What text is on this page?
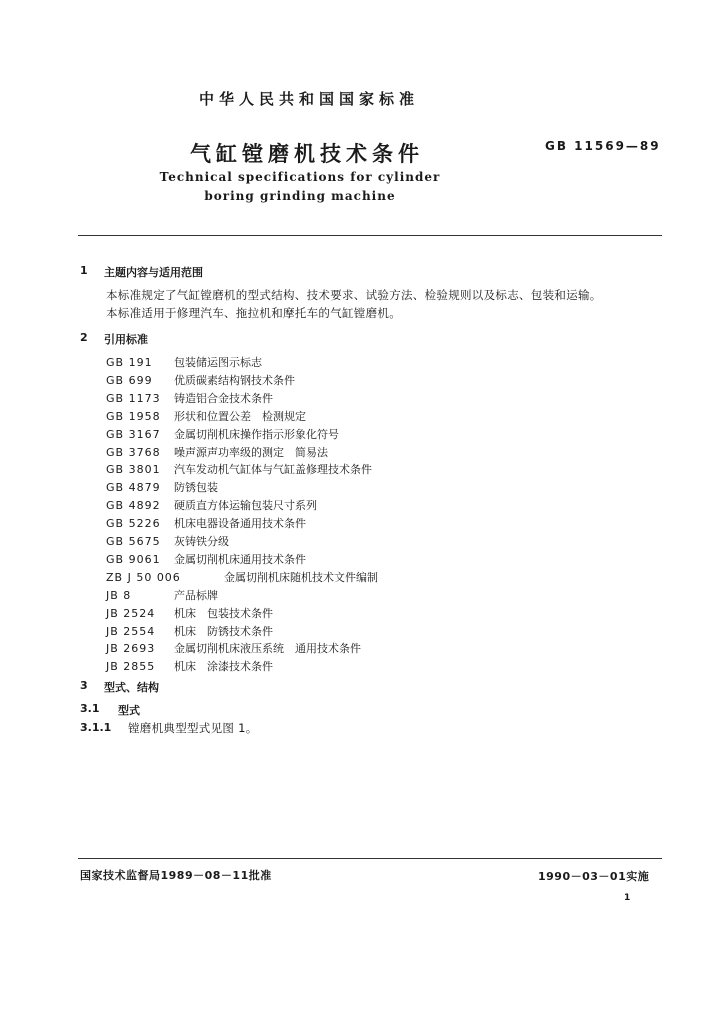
中华人民共和国国家标准
气缸镗磨机技术条件	GB 11569—89
Technical specifications for cylinder
boring grinding machine
1 主题内容与适用范围
本标准规定了气缸镗磨机的型式结构、技术要求、试验方法、检验规则以及标志、包装和运输。
本标准适用于修理汽车、拖拉机和摩托车的气缸镗磨机。
2 引用标准
GB 191 包装储运图示标志
GB 699 优质碳素结构钢技术条件
GB 1173 铸造铝合金技术条件
GB 1958 形状和位置公差　检测规定
GB 3167 金属切削机床操作指示形象化符号
GB 3768 噪声源声功率级的测定　简易法
GB 3801 汽车发动机气缸体与气缸盖修理技术条件
GB 4879 防锈包装
GB 4892 硬质直方体运输包装尺寸系列
GB 5226 机床电器设备通用技术条件
GB 5675 灰铸铁分级
GB 9061 金属切削机床通用技术条件
ZB J 50 006	金属切削机床随机技术文件编制
JB 8	产品标牌
JB 2524 机床　包装技术条件
JB 2554 机床　防锈技术条件
JB 2693 金属切削机床液压系统　通用技术条件
JB 2855 机床　涂漆技术条件
3 型式、结构
3.1 型式
3.1.1 镗磨机典型型式见图 1。
国家技术监督局1989－08－11批准	1990－03－01实施
1
